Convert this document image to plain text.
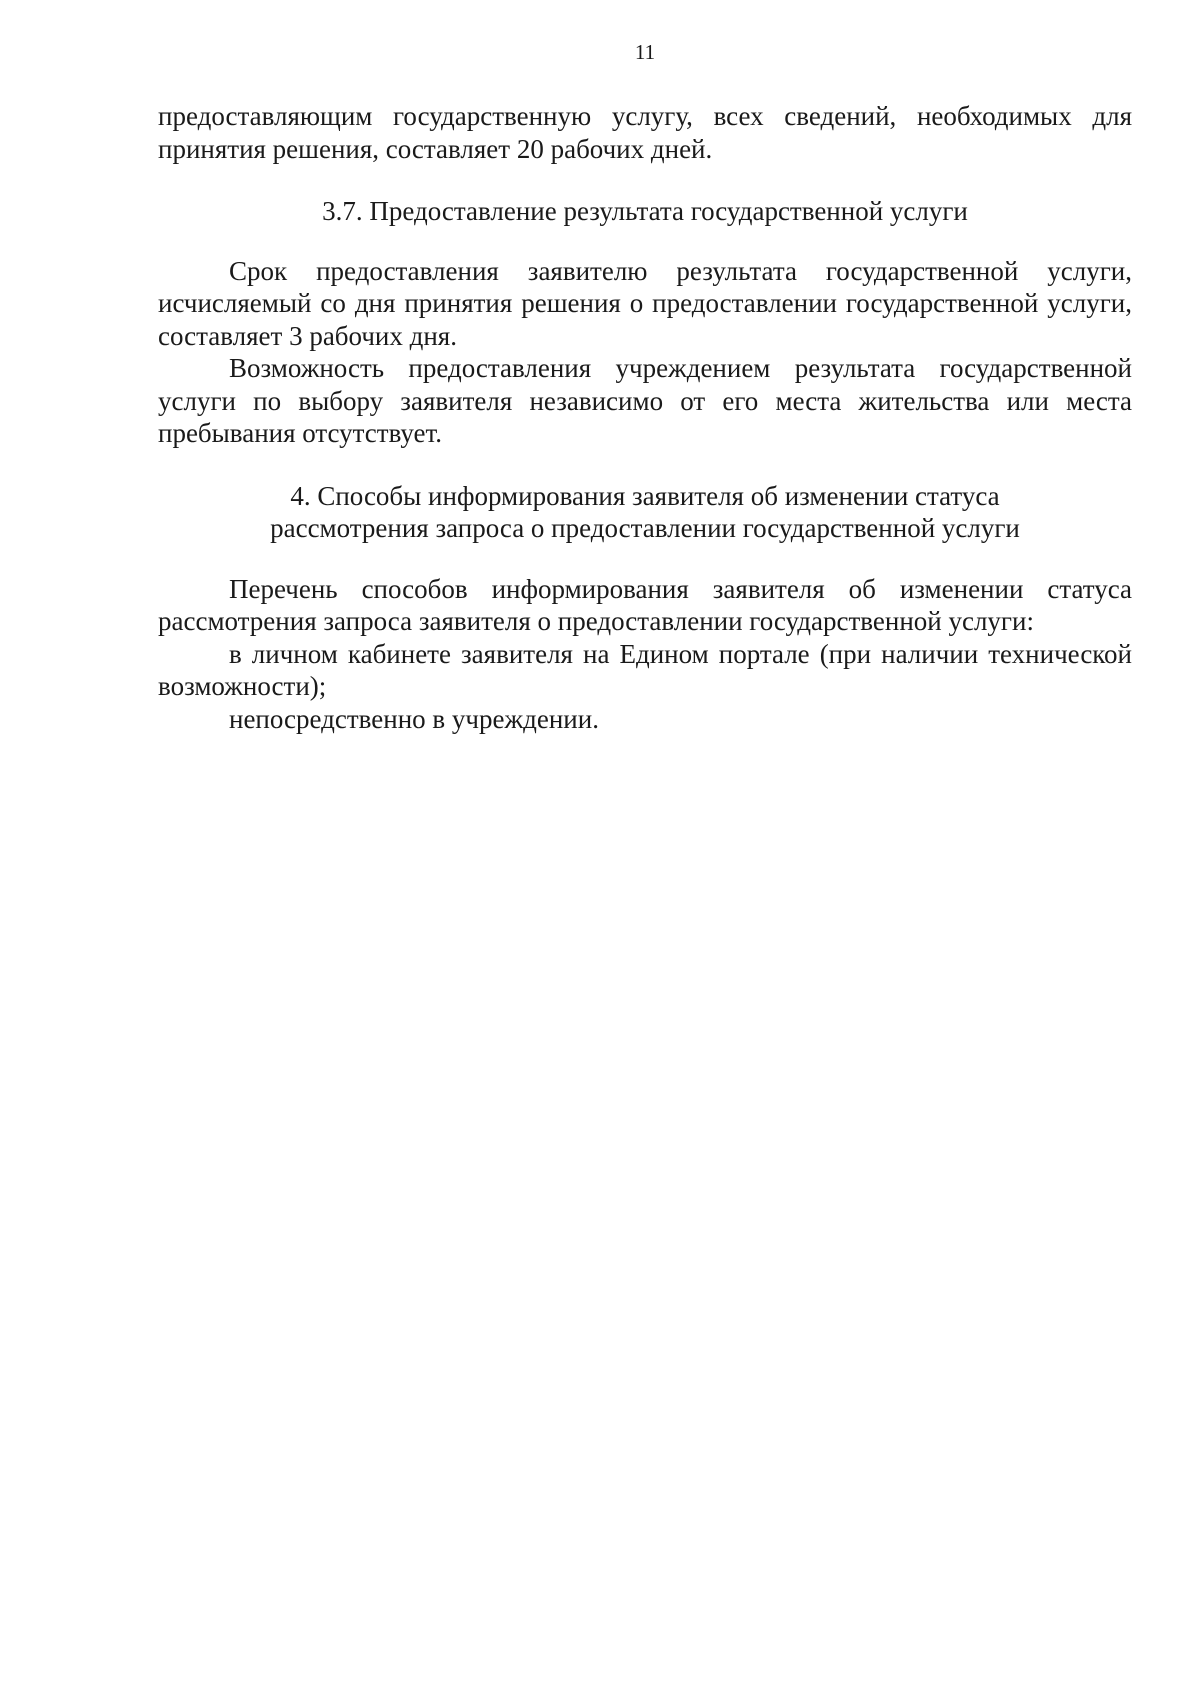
11

предоставляющим государственную услугу, всех сведений, необходимых для принятия решения, составляет 20 рабочих дней.

3.7. Предоставление результата государственной услуги

Срок предоставления заявителю результата государственной услуги, исчисляемый со дня принятия решения о предоставлении государственной услуги, составляет 3 рабочих дня.

Возможность предоставления учреждением результата государственной услуги по выбору заявителя независимо от его места жительства или места пребывания отсутствует.

4. Способы информирования заявителя об изменении статуса
рассмотрения запроса о предоставлении государственной услуги

Перечень способов информирования заявителя об изменении статуса рассмотрения запроса заявителя о предоставлении государственной услуги:

в личном кабинете заявителя на Едином портале (при наличии технической возможности);

непосредственно в учреждении.
